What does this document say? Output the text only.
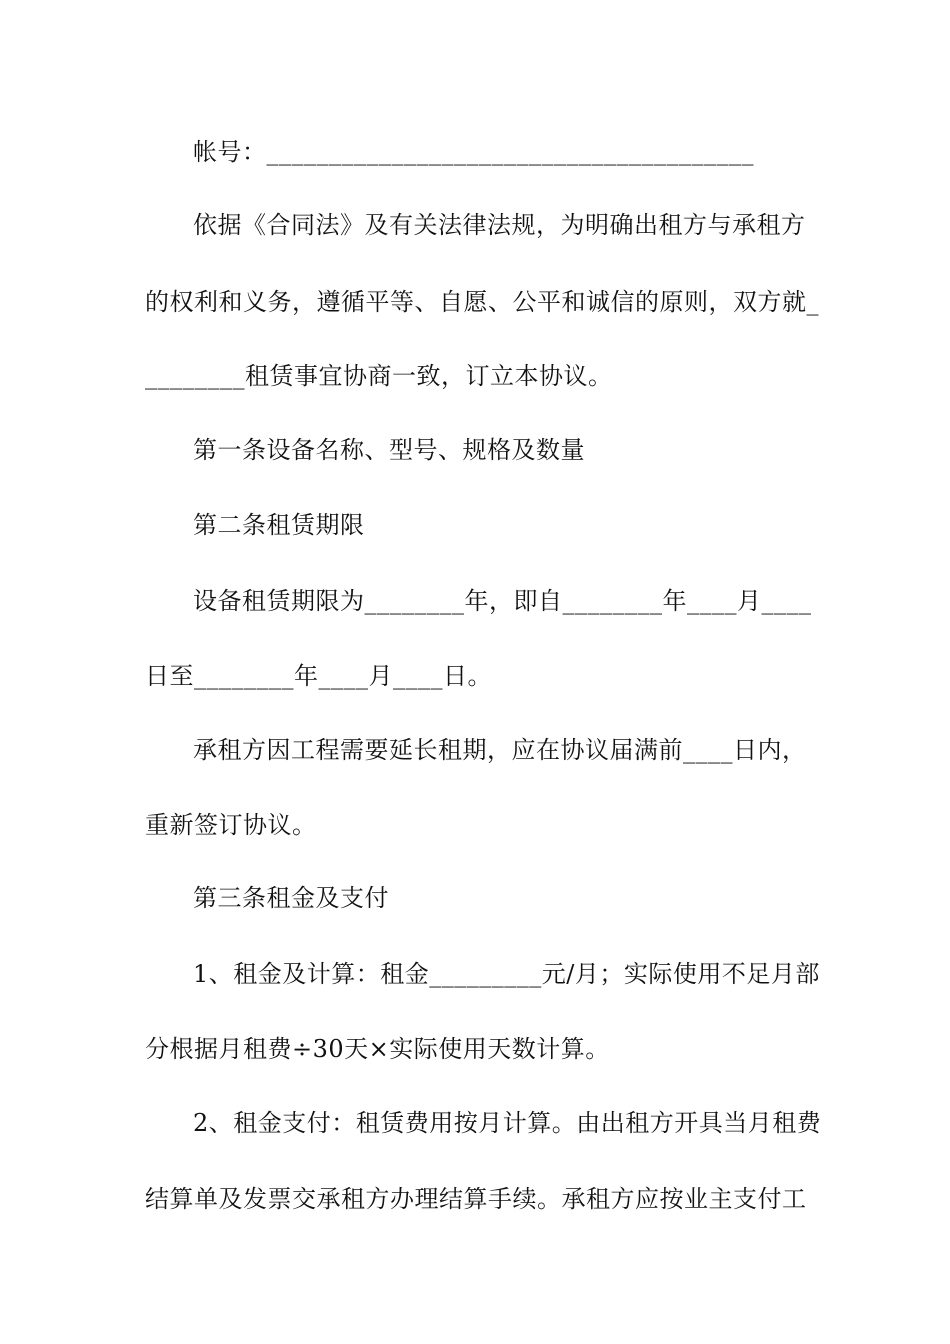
帐号：_______________________________________
依据《合同法》及有关法律法规，为明确出租方与承租方
的权利和义务，遵循平等、自愿、公平和诚信的原则，双方就_
________租赁事宜协商一致，订立本协议。
第一条设备名称、型号、规格及数量
第二条租赁期限
设备租赁期限为________年，即自________年____月____
日至________年____月____日。
承租方因工程需要延长租期，应在协议届满前____日内，
重新签订协议。
第三条租金及支付
1、租金及计算：租金_________元/月；实际使用不足月部
分根据月租费÷30天×实际使用天数计算。
2、租金支付：租赁费用按月计算。由出租方开具当月租费
结算单及发票交承租方办理结算手续。承租方应按业主支付工
